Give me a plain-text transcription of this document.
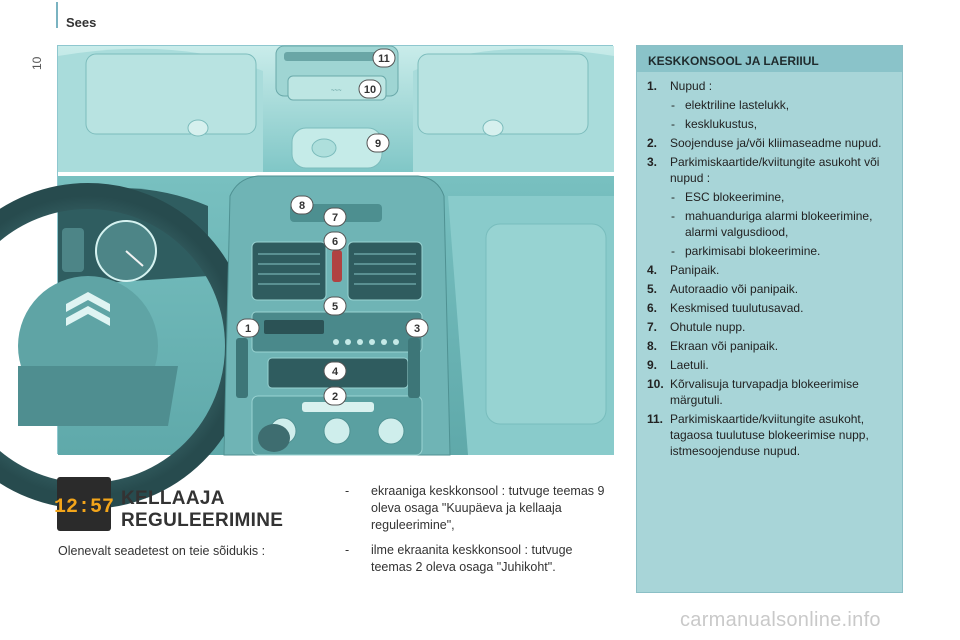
Sees
10
~~~
11
10
9
8
7
6
5
1	3
4
2
KESKKONSOOL JA LAERIIUL
1. Nupud :
- elektriline lastelukk,
- kesklukustus,
2. Soojenduse ja/või kliimaseadme nupud.
3. Parkimiskaartide/kviitungite asukoht või nupud :
- ESC blokeerimine,
- mahuanduriga alarmi blokeerimine, alarmi valgusdiood,
- parkimisabi blokeerimine.
4. Panipaik.
5. Autoraadio või panipaik.
6. Keskmised tuulutusavad.
7. Ohutule nupp.
8. Ekraan või panipaik.
9. Laetuli.
10. Kõrvalisuja turvapadja blokeerimise märgutuli.
11. Parkimiskaartide/kviitungite asukoht, tagaosa tuulutuse blokeerimise nupp, istmesoojenduse nupud.
12:57 KELLAAJA
REGULEERIMINE
Olenevalt seadetest on teie sõidukis :
- ekraaniga keskkonsool : tutvuge teemas 9 oleva osaga "Kuupäeva ja kellaaja reguleerimine",
- ilme ekraanita keskkonsool : tutvuge teemas 2 oleva osaga "Juhikoht".
carmanualsonline.info
